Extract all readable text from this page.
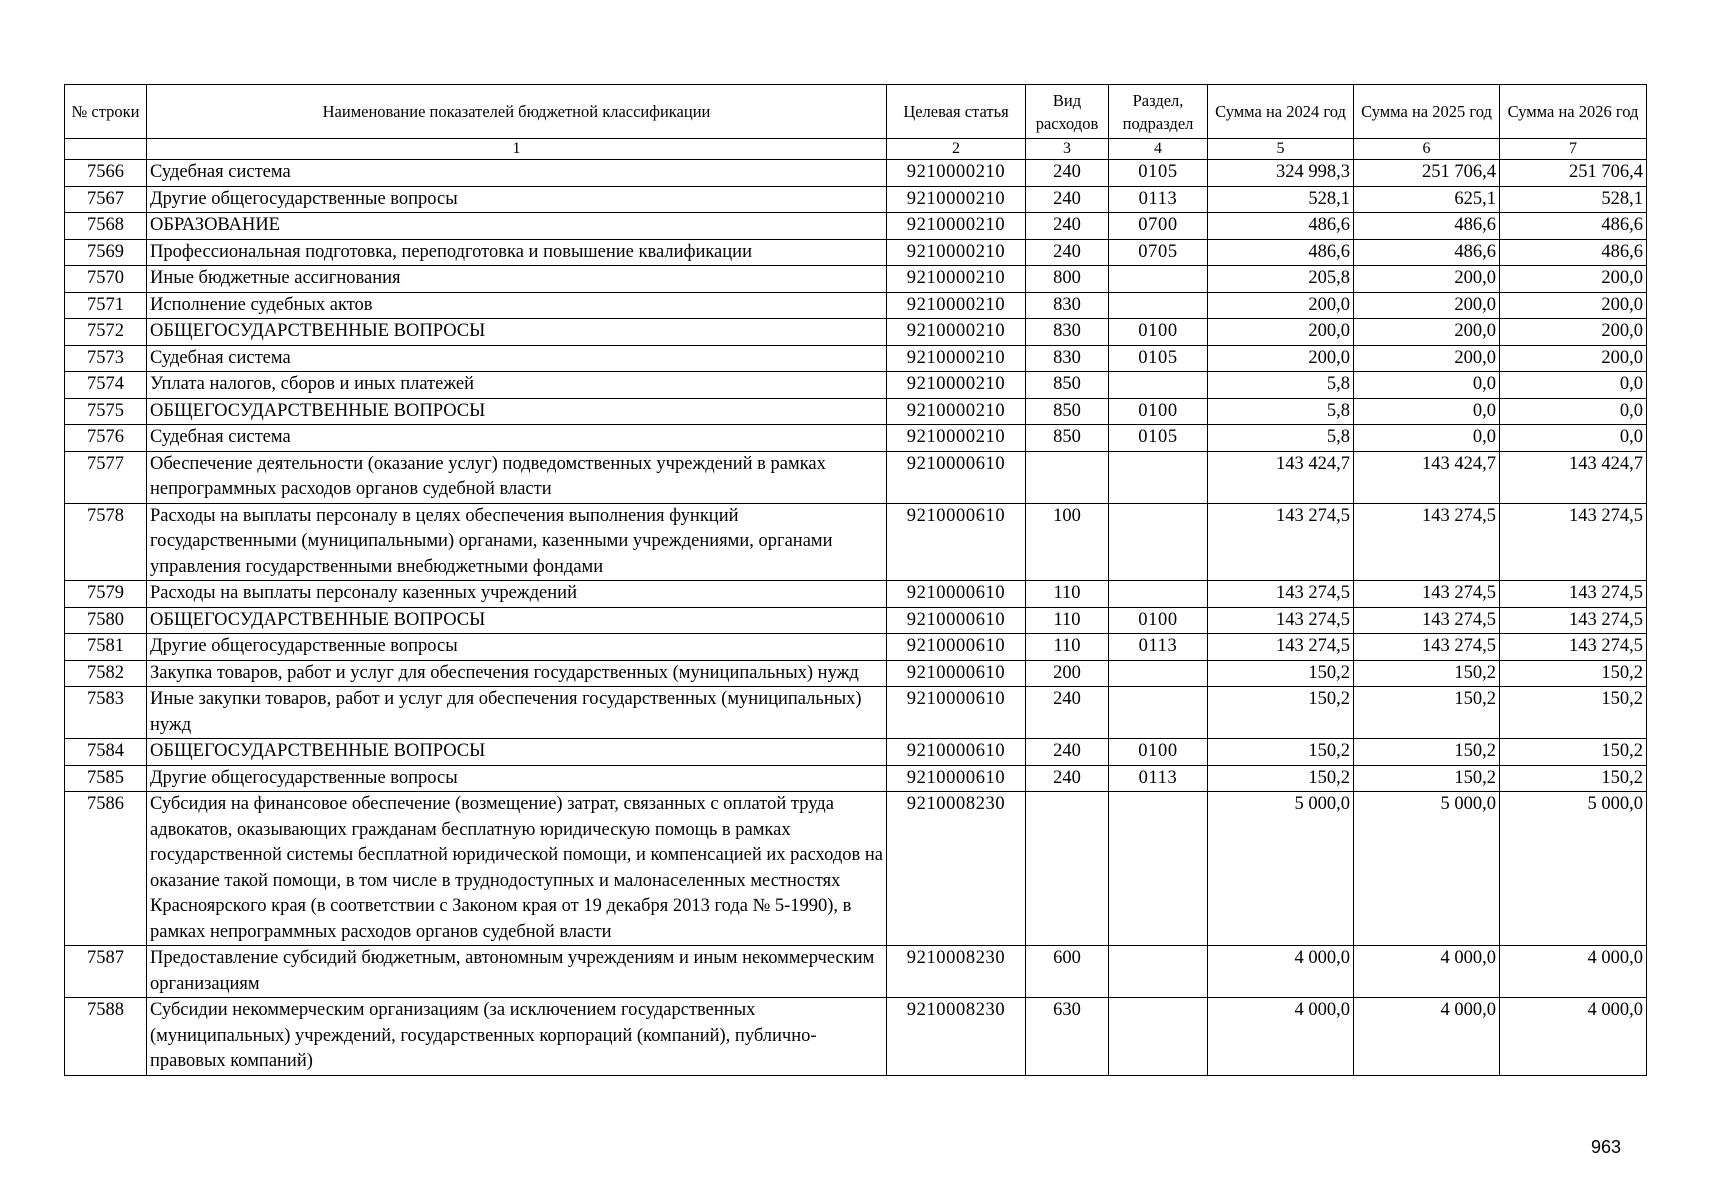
№ строки	Наименование показателей бюджетной классификации	Целевая статья	Вид расходов	Раздел, подраздел	Сумма на 2024 год	Сумма на 2025 год	Сумма на 2026 год
	1	2	3	4	5	6	7
7566	Судебная система	9210000210	240	0105	324 998,3	251 706,4	251 706,4
7567	Другие общегосударственные вопросы	9210000210	240	0113	528,1	625,1	528,1
7568	ОБРАЗОВАНИЕ	9210000210	240	0700	486,6	486,6	486,6
7569	Профессиональная подготовка, переподготовка и повышение квалификации	9210000210	240	0705	486,6	486,6	486,6
7570	Иные бюджетные ассигнования	9210000210	800		205,8	200,0	200,0
7571	Исполнение судебных актов	9210000210	830		200,0	200,0	200,0
7572	ОБЩЕГОСУДАРСТВЕННЫЕ ВОПРОСЫ	9210000210	830	0100	200,0	200,0	200,0
7573	Судебная система	9210000210	830	0105	200,0	200,0	200,0
7574	Уплата налогов, сборов и иных платежей	9210000210	850		5,8	0,0	0,0
7575	ОБЩЕГОСУДАРСТВЕННЫЕ ВОПРОСЫ	9210000210	850	0100	5,8	0,0	0,0
7576	Судебная система	9210000210	850	0105	5,8	0,0	0,0
7577	Обеспечение деятельности (оказание услуг) подведомственных учреждений в рамках непрограммных расходов органов судебной власти	9210000610			143 424,7	143 424,7	143 424,7
7578	Расходы на выплаты персоналу в целях обеспечения выполнения функций государственными (муниципальными) органами, казенными учреждениями, органами управления государственными внебюджетными фондами	9210000610	100		143 274,5	143 274,5	143 274,5
7579	Расходы на выплаты персоналу казенных учреждений	9210000610	110		143 274,5	143 274,5	143 274,5
7580	ОБЩЕГОСУДАРСТВЕННЫЕ ВОПРОСЫ	9210000610	110	0100	143 274,5	143 274,5	143 274,5
7581	Другие общегосударственные вопросы	9210000610	110	0113	143 274,5	143 274,5	143 274,5
7582	Закупка товаров, работ и услуг для обеспечения государственных (муниципальных) нужд	9210000610	200		150,2	150,2	150,2
7583	Иные закупки товаров, работ и услуг для обеспечения государственных (муниципальных) нужд	9210000610	240		150,2	150,2	150,2
7584	ОБЩЕГОСУДАРСТВЕННЫЕ ВОПРОСЫ	9210000610	240	0100	150,2	150,2	150,2
7585	Другие общегосударственные вопросы	9210000610	240	0113	150,2	150,2	150,2
7586	Субсидия на финансовое обеспечение (возмещение) затрат, связанных с оплатой труда адвокатов, оказывающих гражданам бесплатную юридическую помощь в рамках государственной системы бесплатной юридической помощи, и компенсацией их расходов на оказание такой помощи, в том числе в труднодоступных и малонаселенных местностях Красноярского края (в соответствии с Законом края от 19 декабря 2013 года № 5-1990), в рамках непрограммных расходов органов судебной власти	9210008230			5 000,0	5 000,0	5 000,0
7587	Предоставление субсидий бюджетным, автономным учреждениям и иным некоммерческим организациям	9210008230	600		4 000,0	4 000,0	4 000,0
7588	Субсидии некоммерческим организациям (за исключением государственных (муниципальных) учреждений, государственных корпораций (компаний), публично-правовых компаний)	9210008230	630		4 000,0	4 000,0	4 000,0
963
